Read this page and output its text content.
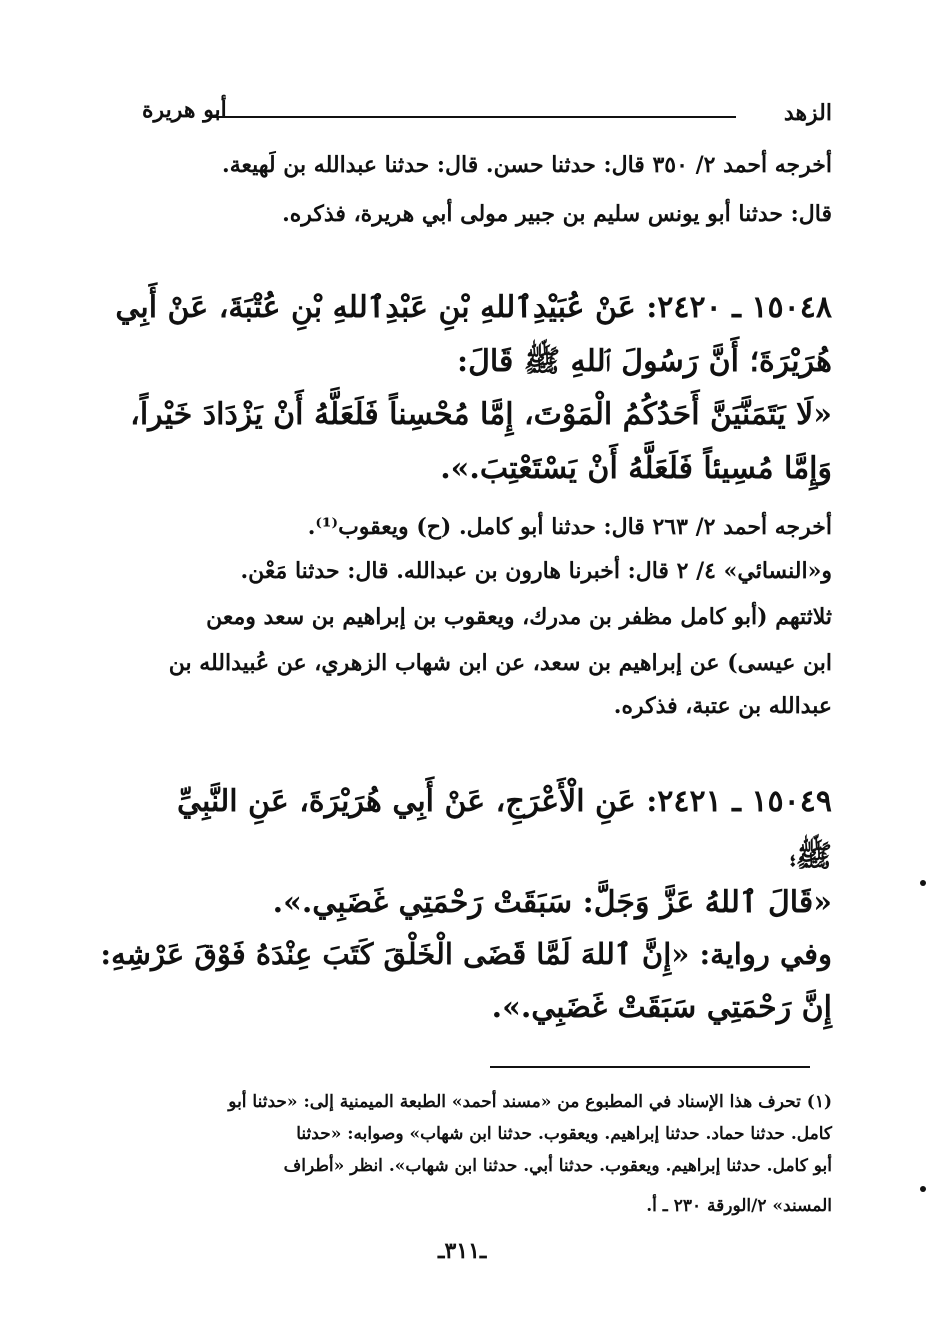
الزهد
أبو هريرة
أخرجه أحمد ٢/ ٣٥٠ قال: حدثنا حسن. قال: حدثنا عبدالله بن لَهيعة.
قال: حدثنا أبو يونس سليم بن جبير مولى أبي هريرة، فذكره.
١٥٠٤٨ ـ ٢٤٢٠: عَنْ عُبَيْدِٱللهِ بْنِ عَبْدِٱللهِ بْنِ عُتْبَةَ، عَنْ أَبِي
هُرَيْرَةَ؛ أَنَّ رَسُولَ ٱللهِ ﷺ قَالَ:
«لَا يَتَمَنَّيَنَّ أَحَدُكُمُ الْمَوْتَ، إِمَّا مُحْسِناً فَلَعَلَّهُ أَنْ يَزْدَادَ خَيْراً،
وَإِمَّا مُسِيئاً فَلَعَلَّهُ أَنْ يَسْتَعْتِبَ.».
أخرجه أحمد ٢/ ٢٦٣ قال: حدثنا أبو كامل. (ح) ويعقوب⁽¹⁾.
و«النسائي» ٤/ ٢ قال: أخبرنا هارون بن عبدالله. قال: حدثنا مَعْن.
ثلاثتهم (أبو كامل مظفر بن مدرك، ويعقوب بن إبراهيم بن سعد ومعن
ابن عيسى) عن إبراهيم بن سعد، عن ابن شهاب الزهري، عن عُبيدالله بن
عبدالله بن عتبة، فذكره.
١٥٠٤٩ ـ ٢٤٢١: عَنِ الْأَعْرَجِ، عَنْ أَبِي هُرَيْرَةَ، عَنِ النَّبِيِّ
ﷺ؛
«قَالَ ٱللهُ عَزَّ وَجَلَّ: سَبَقَتْ رَحْمَتِي غَضَبِي.».
وفي رواية: «إِنَّ ٱللهَ لَمَّا قَضَى الْخَلْقَ كَتَبَ عِنْدَهُ فَوْقَ عَرْشِهِ:
إِنَّ رَحْمَتِي سَبَقَتْ غَضَبِي.».
(١) تحرف هذا الإسناد في المطبوع من «مسند أحمد» الطبعة الميمنية إلى: «حدثنا أبو
كامل. حدثنا حماد. حدثنا إبراهيم. ويعقوب. حدثنا ابن شهاب» وصوابه: «حدثنا
أبو كامل. حدثنا إبراهيم. ويعقوب. حدثنا أبي. حدثنا ابن شهاب». انظر «أطراف
المسند» ٢/الورقة ٢٣٠ ـ أ.
ـ٣١١ـ
